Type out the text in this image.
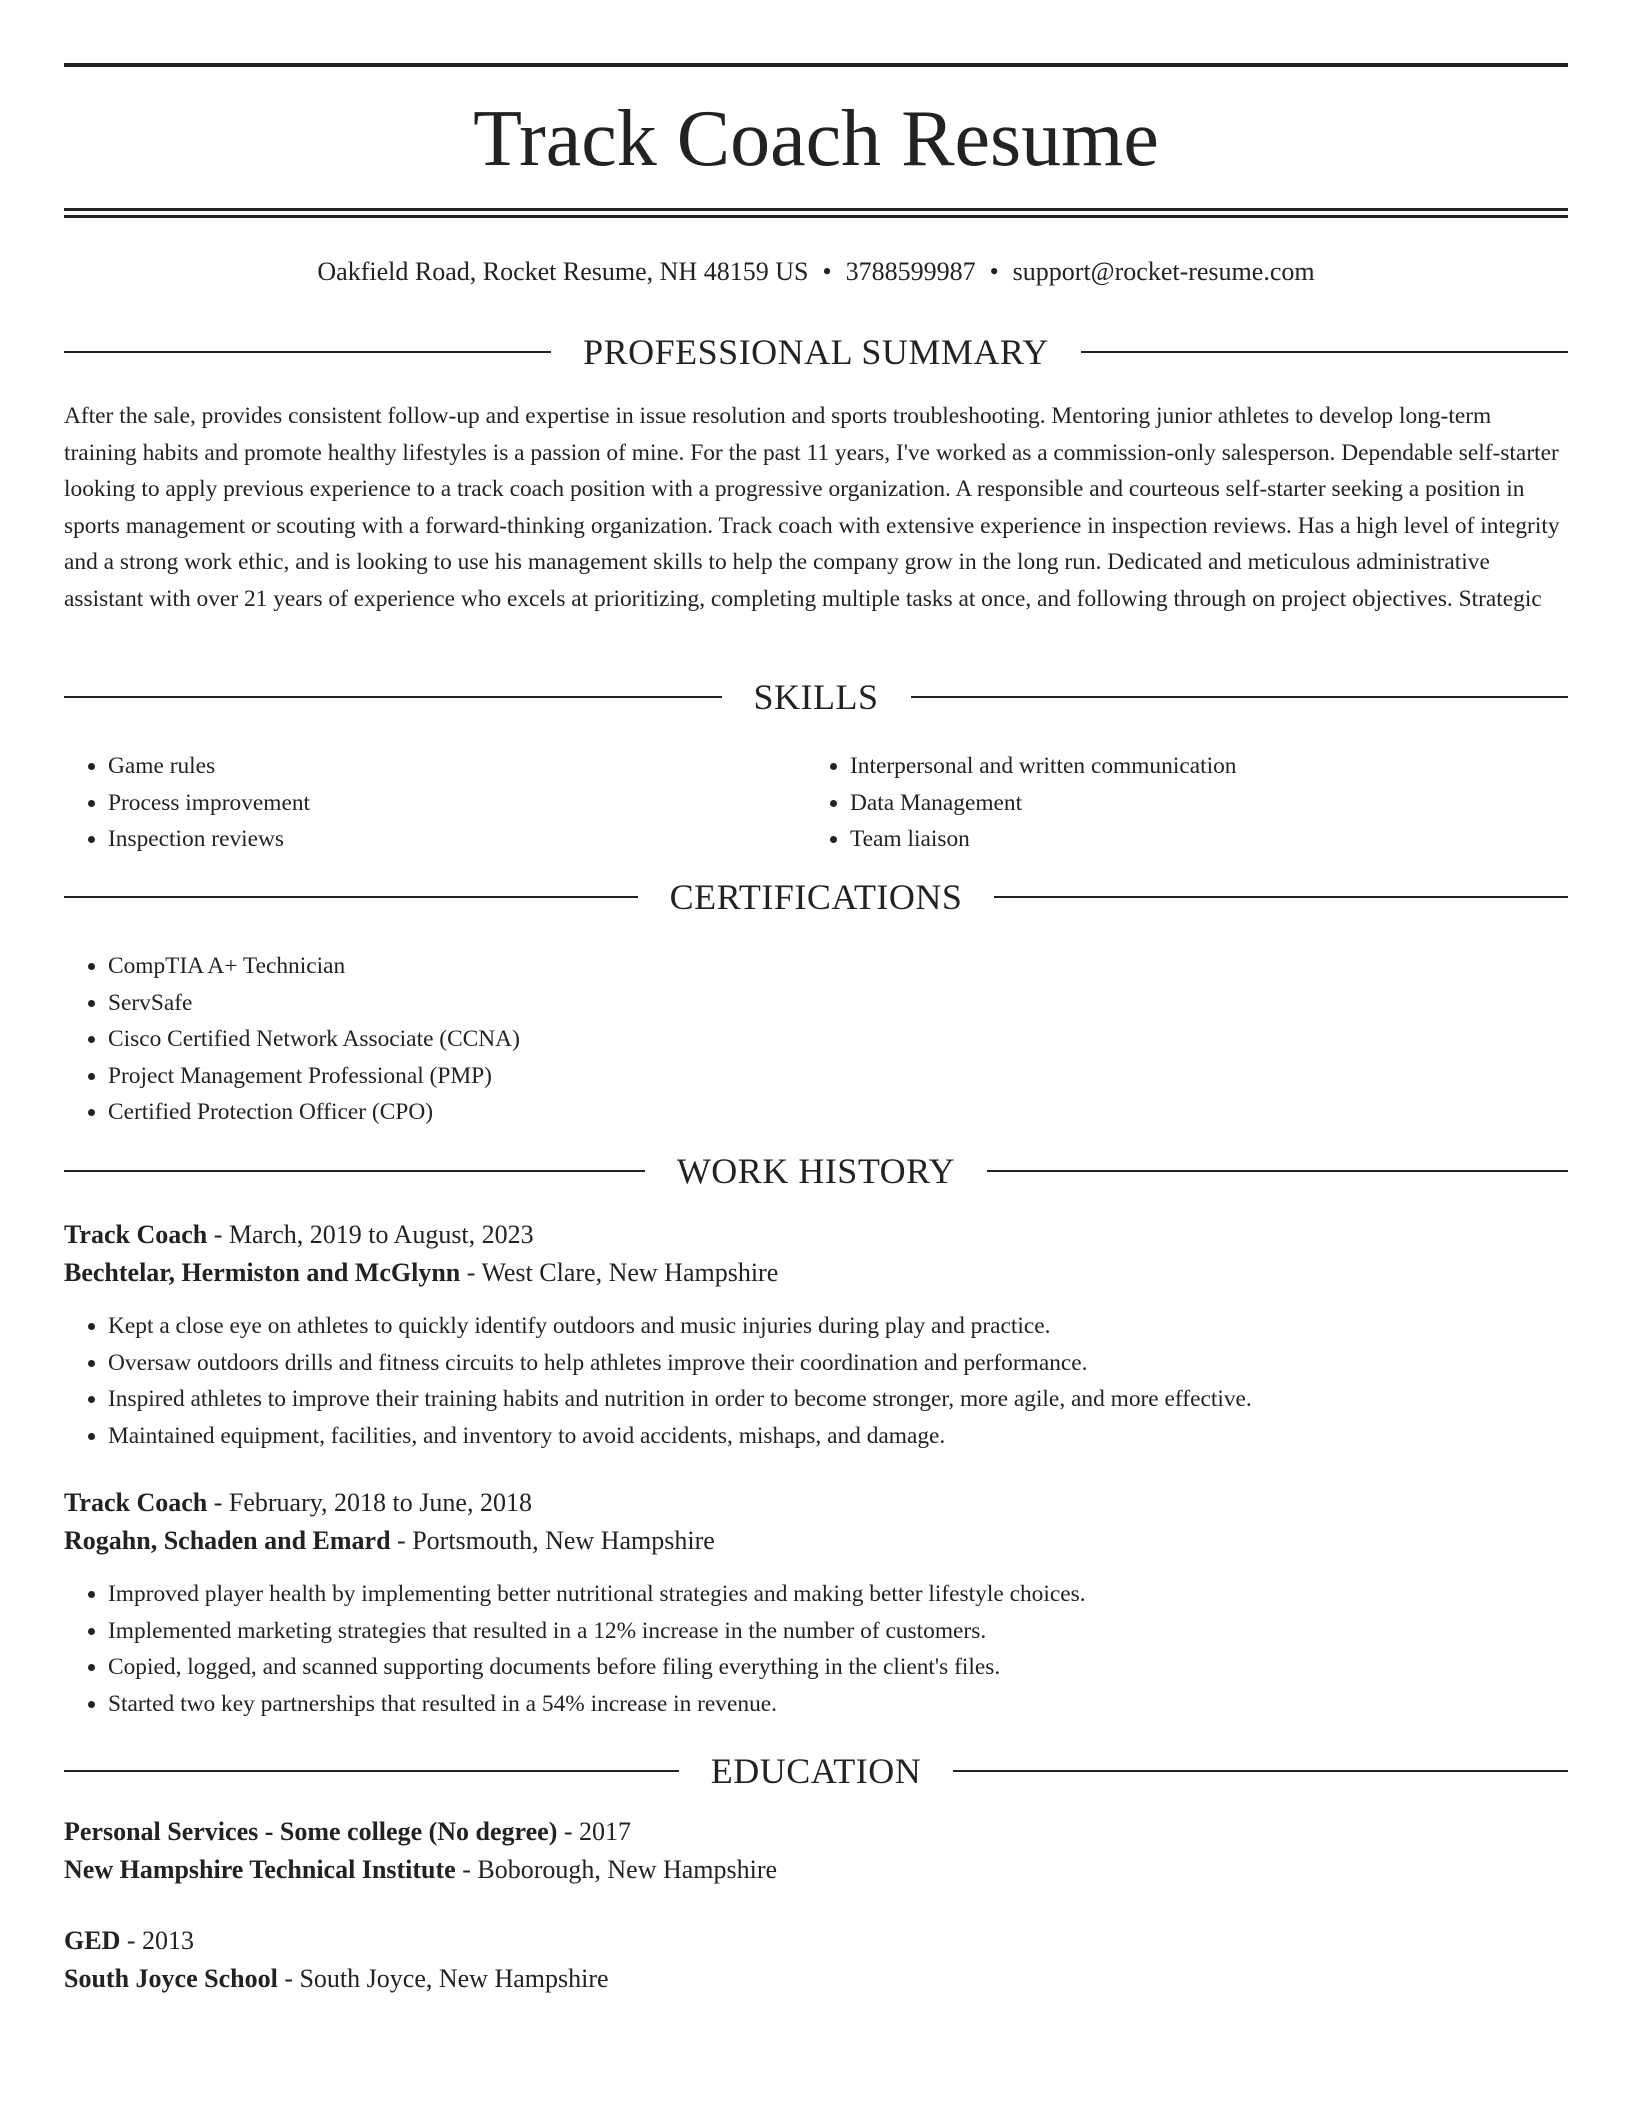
Track Coach Resume
Oakfield Road, Rocket Resume, NH 48159 US • 3788599987 • support@rocket-resume.com
PROFESSIONAL SUMMARY

After the sale, provides consistent follow-up and expertise in issue resolution and sports troubleshooting. Mentoring junior athletes to develop long-term training habits and promote healthy lifestyles is a passion of mine. For the past 11 years, I've worked as a commission-only salesperson. Dependable self-starter looking to apply previous experience to a track coach position with a progressive organization. A responsible and courteous self-starter seeking a position in sports management or scouting with a forward-thinking organization. Track coach with extensive experience in inspection reviews. Has a high level of integrity and a strong work ethic, and is looking to use his management skills to help the company grow in the long run. Dedicated and meticulous administrative assistant with over 21 years of experience who excels at prioritizing, completing multiple tasks at once, and following through on project objectives. Strategic

SKILLS
• Game rules
• Process improvement
• Inspection reviews
• Interpersonal and written communication
• Data Management
• Team liaison
CERTIFICATIONS
• CompTIA A+ Technician
• ServSafe
• Cisco Certified Network Associate (CCNA)
• Project Management Professional (PMP)
• Certified Protection Officer (CPO)
WORK HISTORY
Track Coach - March, 2019 to August, 2023
Bechtelar, Hermiston and McGlynn - West Clare, New Hampshire
• Kept a close eye on athletes to quickly identify outdoors and music injuries during play and practice.
• Oversaw outdoors drills and fitness circuits to help athletes improve their coordination and performance.
• Inspired athletes to improve their training habits and nutrition in order to become stronger, more agile, and more effective.
• Maintained equipment, facilities, and inventory to avoid accidents, mishaps, and damage.
Track Coach - February, 2018 to June, 2018
Rogahn, Schaden and Emard - Portsmouth, New Hampshire
• Improved player health by implementing better nutritional strategies and making better lifestyle choices.
• Implemented marketing strategies that resulted in a 12% increase in the number of customers.
• Copied, logged, and scanned supporting documents before filing everything in the client's files.
• Started two key partnerships that resulted in a 54% increase in revenue.
EDUCATION
Personal Services - Some college (No degree) - 2017
New Hampshire Technical Institute - Boborough, New Hampshire
GED - 2013
South Joyce School - South Joyce, New Hampshire
